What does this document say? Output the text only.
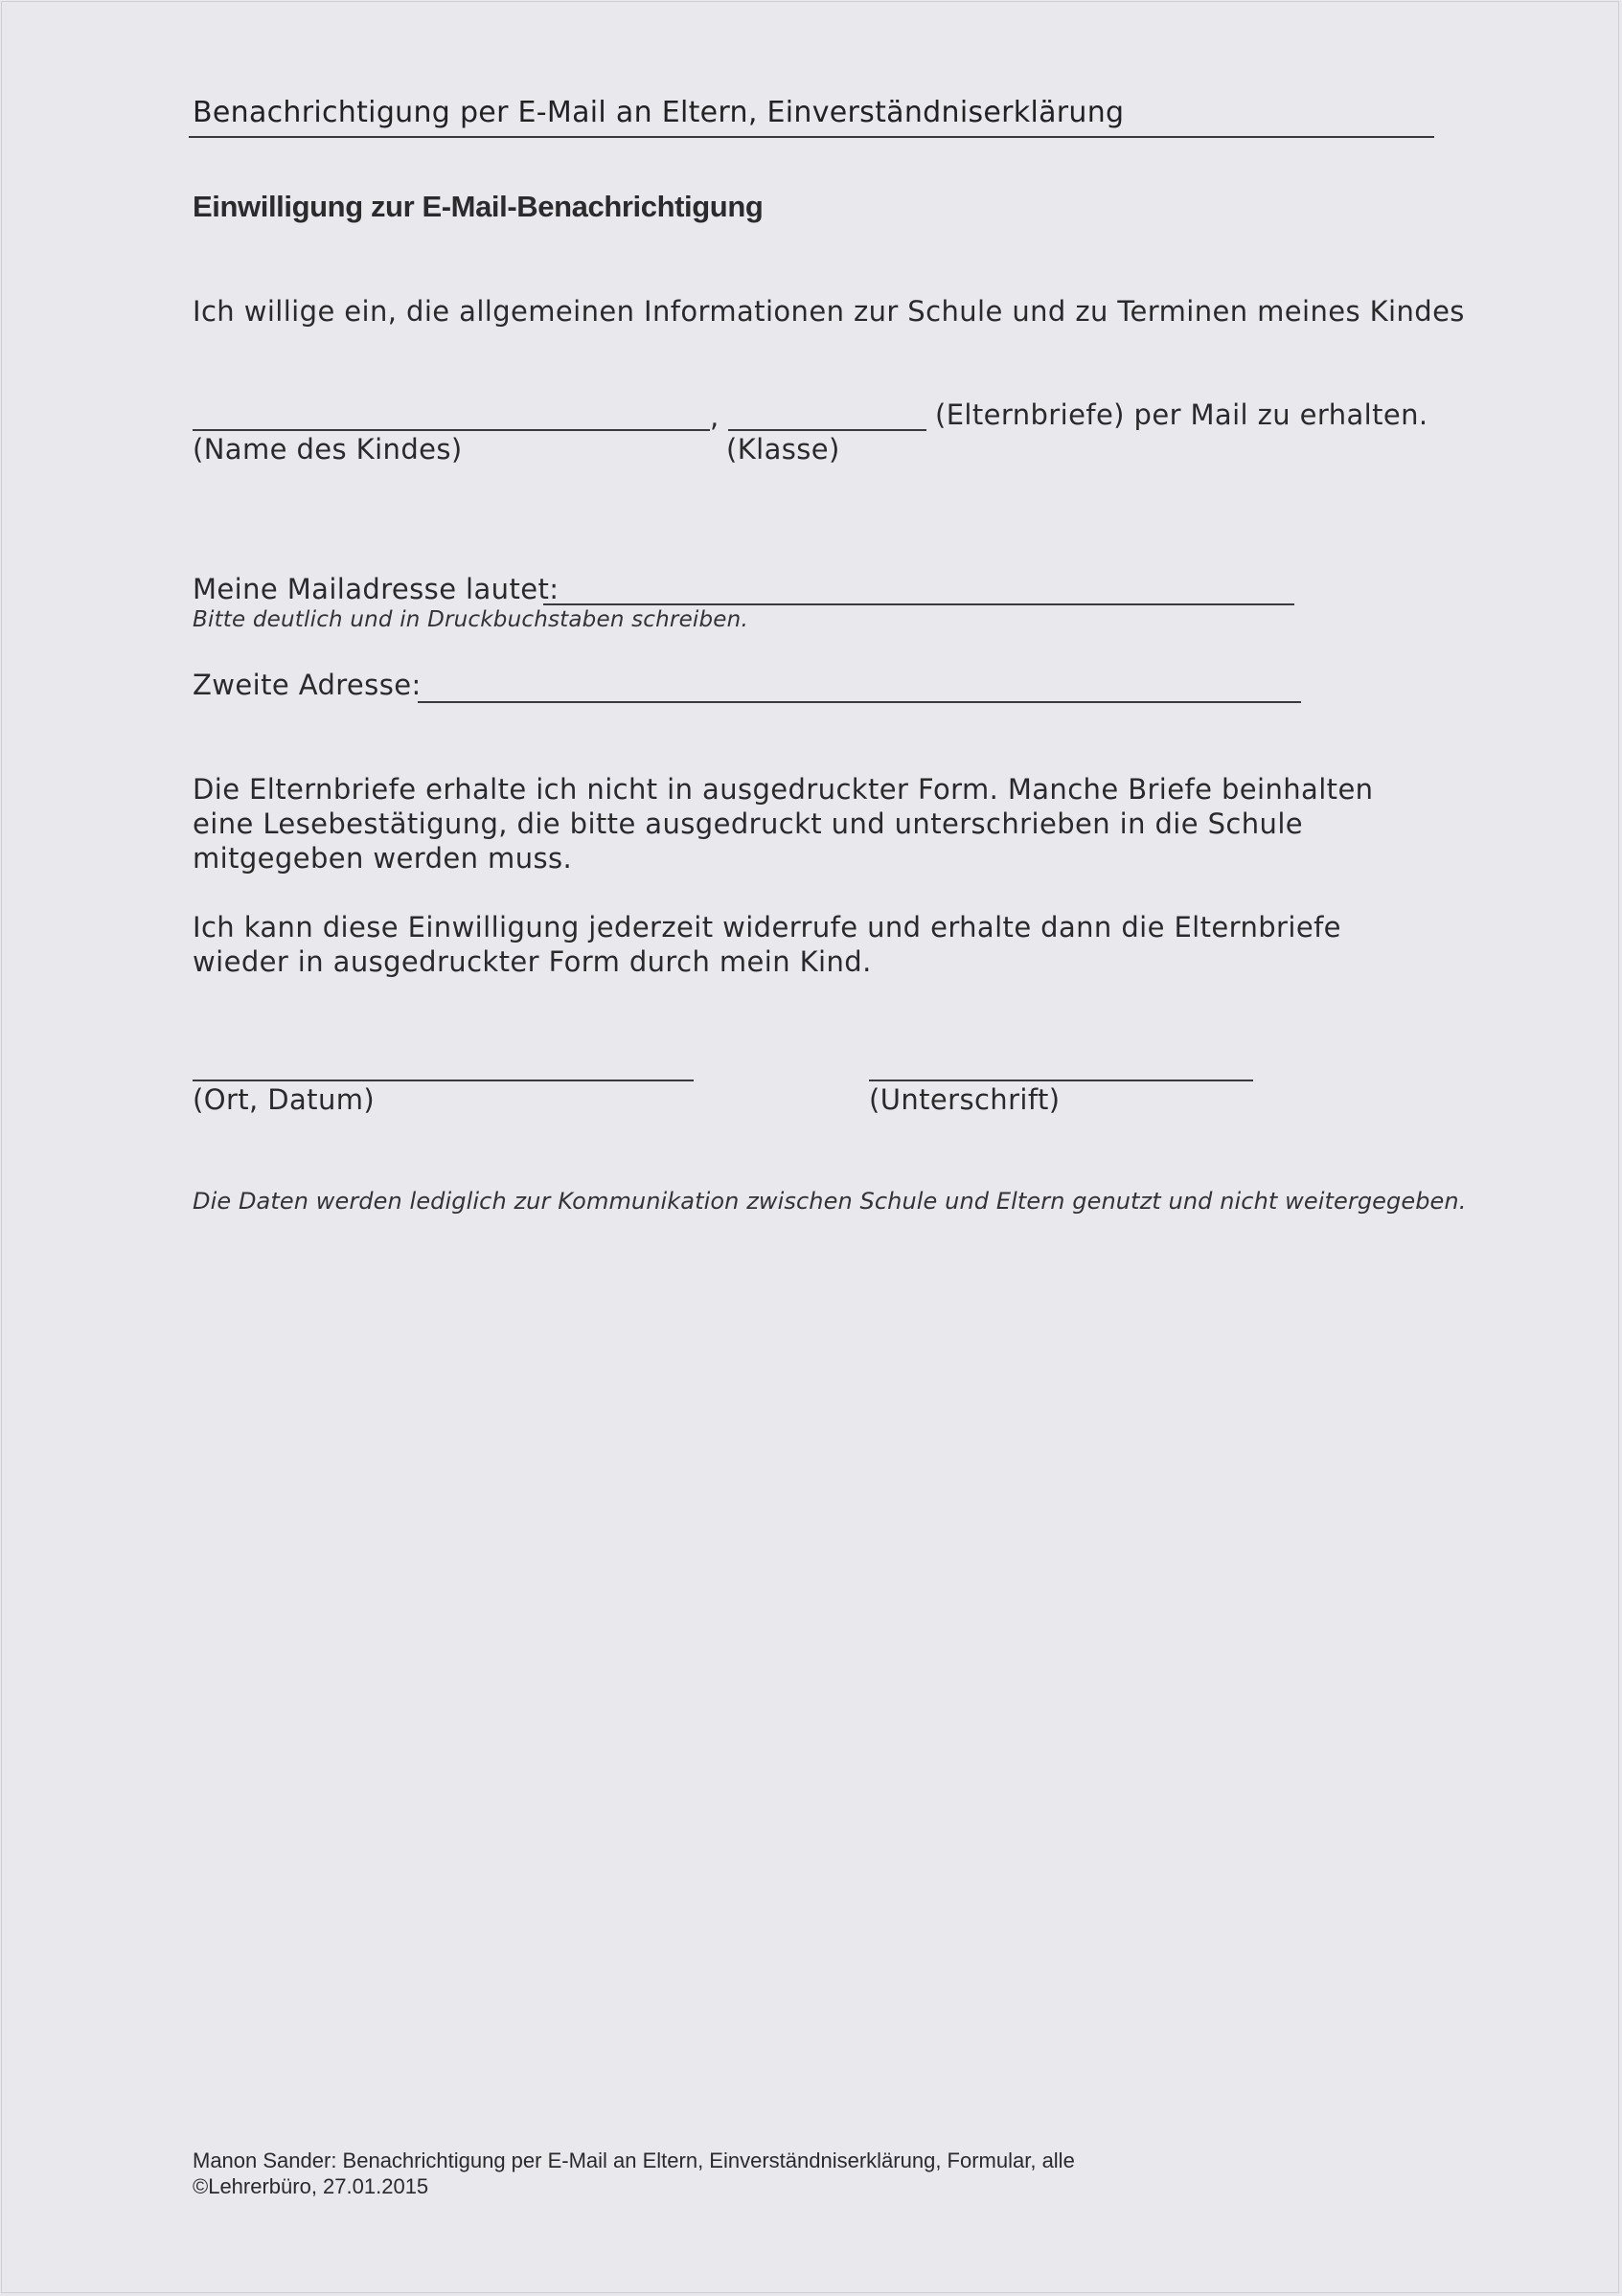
Benachrichtigung per E-Mail an Eltern, Einverständniserklärung
Einwilligung zur E-Mail-Benachrichtigung
Ich willige ein, die allgemeinen Informationen zur Schule und zu Terminen meines Kindes
,	(Elternbriefe) per Mail zu erhalten.
(Name des Kindes)	(Klasse)
Meine Mailadresse lautet:
Bitte deutlich und in Druckbuchstaben schreiben.
Zweite Adresse:
Die Elternbriefe erhalte ich nicht in ausgedruckter Form. Manche Briefe beinhalten eine Lesebestätigung, die bitte ausgedruckt und unterschrieben in die Schule mitgegeben werden muss.
Ich kann diese Einwilligung jederzeit widerrufe und erhalte dann die Elternbriefe wieder in ausgedruckter Form durch mein Kind.
(Ort, Datum)	(Unterschrift)
Die Daten werden lediglich zur Kommunikation zwischen Schule und Eltern genutzt und nicht weitergegeben.
Manon Sander: Benachrichtigung per E-Mail an Eltern, Einverständniserklärung, Formular, alle
©Lehrerbüro, 27.01.2015
